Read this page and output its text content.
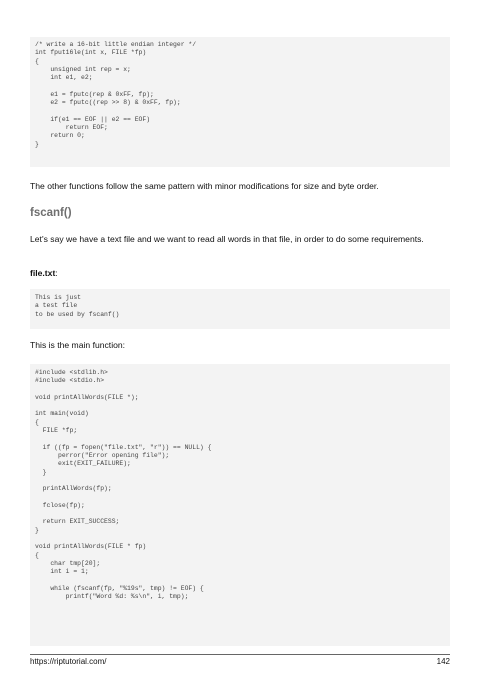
/* write a 16-bit little endian integer */
int fput16le(int x, FILE *fp)
{
unsigned int rep = x;
int e1, e2;
e1 = fputc(rep & 0xFF, fp);
e2 = fputc((rep >> 8) & 0xFF, fp);
if(e1 == EOF || e2 == EOF)
return EOF;
return 0;
}

The other functions follow the same pattern with minor modifications for size and byte order.

fscanf()

Let's say we have a text file and we want to read all words in that file, in order to do some requirements.

file.txt:

This is just
a test file
to be used by fscanf()

This is the main function:

#include <stdlib.h>
#include <stdio.h>
void printAllWords(FILE *);
int main(void)
{
FILE *fp;
if ((fp = fopen("file.txt", "r")) == NULL) {
perror("Error opening file");
exit(EXIT_FAILURE);
}
printAllWords(fp);
fclose(fp);
return EXIT_SUCCESS;
}
void printAllWords(FILE * fp)
{
char tmp[20];
int i = 1;
while (fscanf(fp, "%19s", tmp) != EOF) {
printf("Word %d: %s\n", i, tmp);
https://riptutorial.com/	142
